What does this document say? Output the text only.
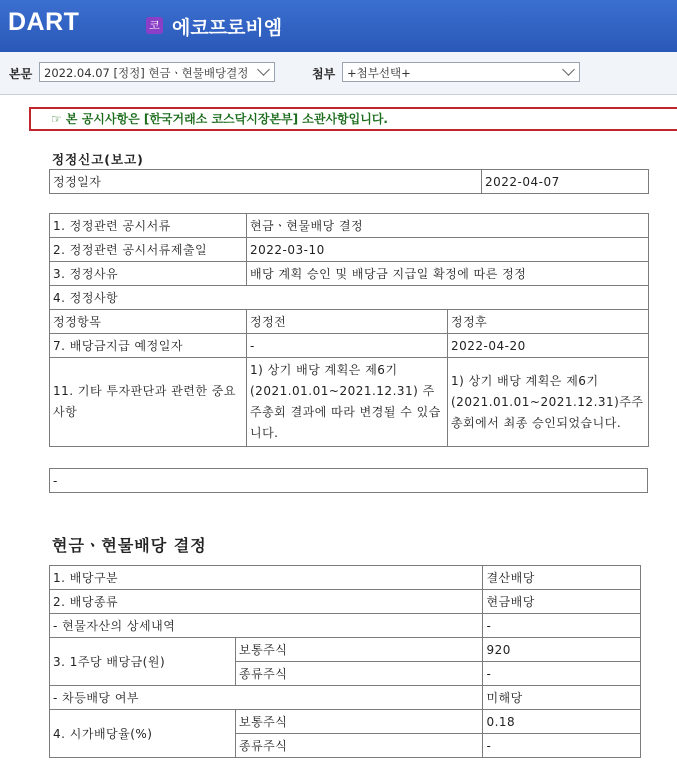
DART	코 에코프로비엠
본문	2022.04.07 [정정] 현금ㆍ현물배당결정	첨부	+첨부선택+
☞ 본 공시사항은 [한국거래소 코스닥시장본부] 소관사항입니다.
정정신고(보고)
정정일자	2022-04-07
1. 정정관련 공시서류	현금ㆍ현물배당 결정	
2. 정정관련 공시서류제출일	2022-03-10	
3. 정정사유	배당 계획 승인 및 배당금 지급일 확정에 따른 정정	
4. 정정사항		
정정항목	정정전	정정후
7. 배당금지급 예정일자	-	2022-04-20
11. 기타 투자판단과 관련한 중요사항	1) 상기 배당 계획은 제6기(2021.01.01~2021.12.31) 주주총회 결과에 따라 변경될 수 있습니다.	1) 상기 배당 계획은 제6기(2021.01.01~2021.12.31)주주총회에서 최종 승인되었습니다.
-
현금ㆍ현물배당 결정
1. 배당구분		결산배당
2. 배당종류		현금배당
- 현물자산의 상세내역		-
3. 1주당 배당금(원)	보통주식	920
	종류주식	-
- 차등배당 여부		미해당
4. 시가배당율(%)	보통주식	0.18
	종류주식	-
